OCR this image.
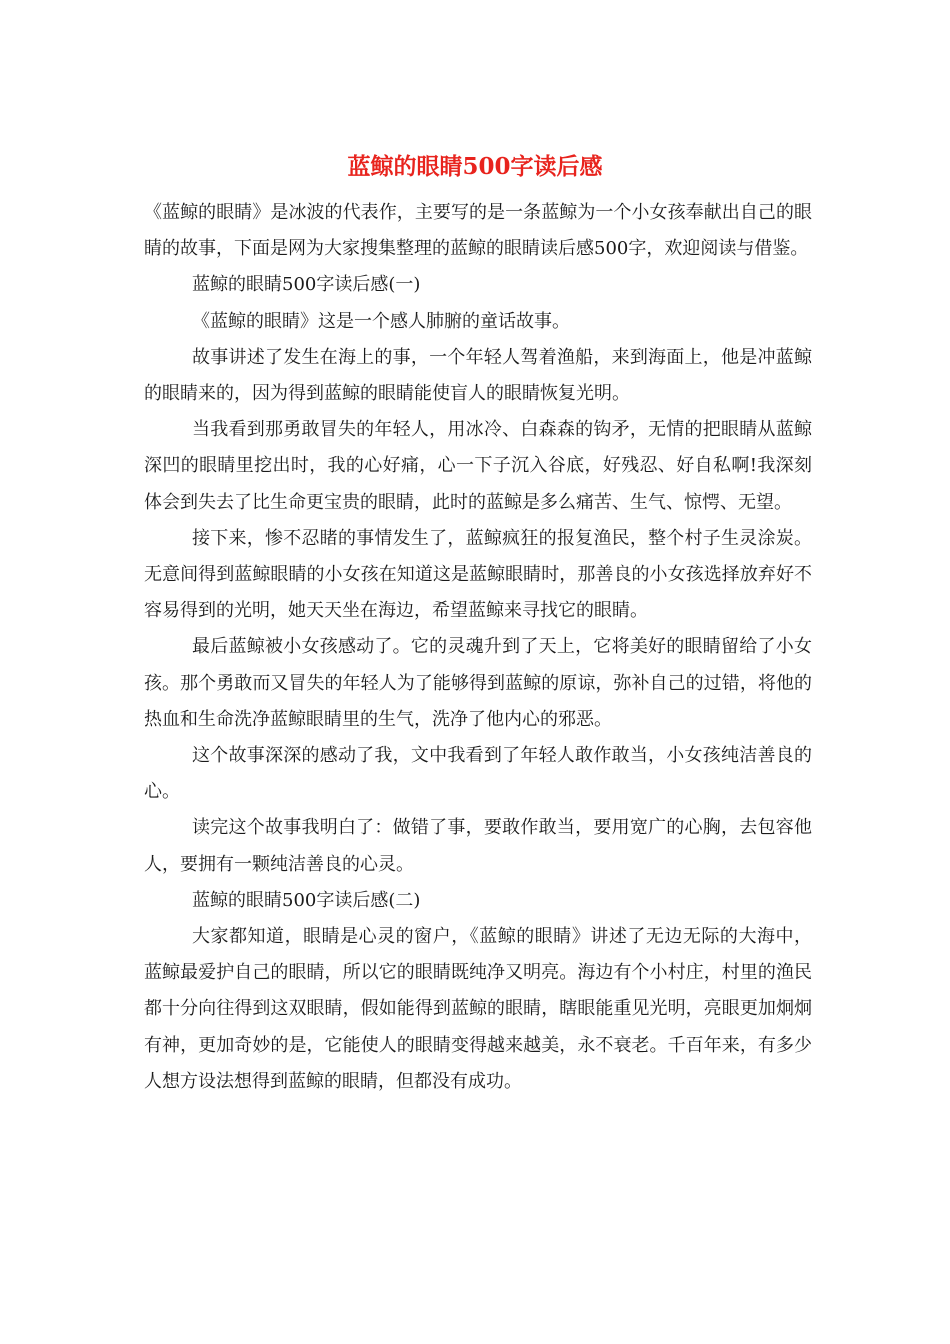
蓝鲸的眼睛500字读后感

《蓝鲸的眼睛》是冰波的代表作，主要写的是一条蓝鲸为一个小女孩奉献出自己的眼睛的故事，下面是网为大家搜集整理的蓝鲸的眼睛读后感500字，欢迎阅读与借鉴。

蓝鲸的眼睛500字读后感(一)

《蓝鲸的眼睛》这是一个感人肺腑的童话故事。

故事讲述了发生在海上的事，一个年轻人驾着渔船，来到海面上，他是冲蓝鲸的眼睛来的，因为得到蓝鲸的眼睛能使盲人的眼睛恢复光明。

当我看到那勇敢冒失的年轻人，用冰冷、白森森的钩矛，无情的把眼睛从蓝鲸深凹的眼睛里挖出时，我的心好痛，心一下子沉入谷底，好残忍、好自私啊!我深刻体会到失去了比生命更宝贵的眼睛，此时的蓝鲸是多么痛苦、生气、惊愕、无望。

接下来，惨不忍睹的事情发生了，蓝鲸疯狂的报复渔民，整个村子生灵涂炭。无意间得到蓝鲸眼睛的小女孩在知道这是蓝鲸眼睛时，那善良的小女孩选择放弃好不容易得到的光明，她天天坐在海边，希望蓝鲸来寻找它的眼睛。

最后蓝鲸被小女孩感动了。它的灵魂升到了天上，它将美好的眼睛留给了小女孩。那个勇敢而又冒失的年轻人为了能够得到蓝鲸的原谅，弥补自己的过错，将他的热血和生命洗净蓝鲸眼睛里的生气，洗净了他内心的邪恶。

这个故事深深的感动了我，文中我看到了年轻人敢作敢当，小女孩纯洁善良的心。

读完这个故事我明白了：做错了事，要敢作敢当，要用宽广的心胸，去包容他人，要拥有一颗纯洁善良的心灵。

蓝鲸的眼睛500字读后感(二)

大家都知道，眼睛是心灵的窗户，《蓝鲸的眼睛》讲述了无边无际的大海中，蓝鲸最爱护自己的眼睛，所以它的眼睛既纯净又明亮。海边有个小村庄，村里的渔民都十分向往得到这双眼睛，假如能得到蓝鲸的眼睛，瞎眼能重见光明，亮眼更加炯炯有神，更加奇妙的是，它能使人的眼睛变得越来越美，永不衰老。千百年来，有多少人想方设法想得到蓝鲸的眼睛，但都没有成功。
